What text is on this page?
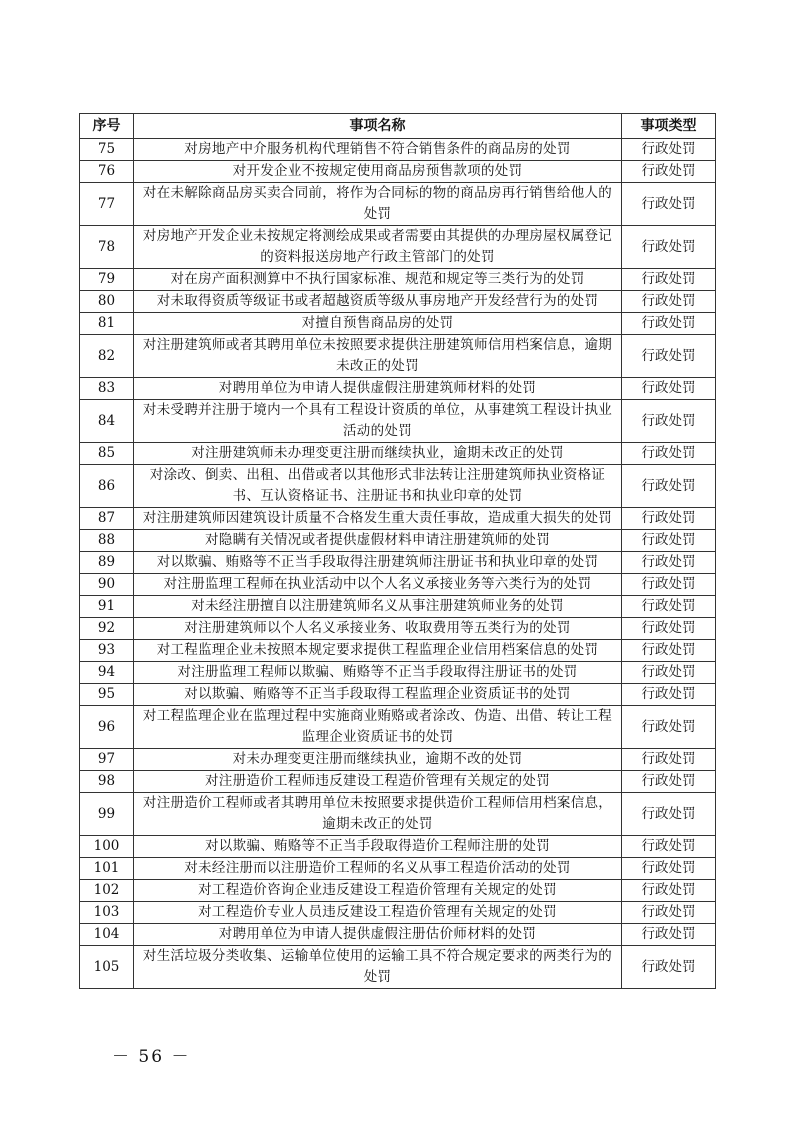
序号	事项名称	事项类型
75	对房地产中介服务机构代理销售不符合销售条件的商品房的处罚	行政处罚
76	对开发企业不按规定使用商品房预售款项的处罚	行政处罚
77	对在未解除商品房买卖合同前，将作为合同标的物的商品房再行销售给他人的处罚	行政处罚
78	对房地产开发企业未按规定将测绘成果或者需要由其提供的办理房屋权属登记的资料报送房地产行政主管部门的处罚	行政处罚
79	对在房产面积测算中不执行国家标准、规范和规定等三类行为的处罚	行政处罚
80	对未取得资质等级证书或者超越资质等级从事房地产开发经营行为的处罚	行政处罚
81	对擅自预售商品房的处罚	行政处罚
82	对注册建筑师或者其聘用单位未按照要求提供注册建筑师信用档案信息，逾期未改正的处罚	行政处罚
83	对聘用单位为申请人提供虚假注册建筑师材料的处罚	行政处罚
84	对未受聘并注册于境内一个具有工程设计资质的单位，从事建筑工程设计执业活动的处罚	行政处罚
85	对注册建筑师未办理变更注册而继续执业，逾期未改正的处罚	行政处罚
86	对涂改、倒卖、出租、出借或者以其他形式非法转让注册建筑师执业资格证书、互认资格证书、注册证书和执业印章的处罚	行政处罚
87	对注册建筑师因建筑设计质量不合格发生重大责任事故，造成重大损失的处罚	行政处罚
88	对隐瞒有关情况或者提供虚假材料申请注册建筑师的处罚	行政处罚
89	对以欺骗、贿赂等不正当手段取得注册建筑师注册证书和执业印章的处罚	行政处罚
90	对注册监理工程师在执业活动中以个人名义承接业务等六类行为的处罚	行政处罚
91	对未经注册擅自以注册建筑师名义从事注册建筑师业务的处罚	行政处罚
92	对注册建筑师以个人名义承接业务、收取费用等五类行为的处罚	行政处罚
93	对工程监理企业未按照本规定要求提供工程监理企业信用档案信息的处罚	行政处罚
94	对注册监理工程师以欺骗、贿赂等不正当手段取得注册证书的处罚	行政处罚
95	对以欺骗、贿赂等不正当手段取得工程监理企业资质证书的处罚	行政处罚
96	对工程监理企业在监理过程中实施商业贿赂或者涂改、伪造、出借、转让工程监理企业资质证书的处罚	行政处罚
97	对未办理变更注册而继续执业，逾期不改的处罚	行政处罚
98	对注册造价工程师违反建设工程造价管理有关规定的处罚	行政处罚
99	对注册造价工程师或者其聘用单位未按照要求提供造价工程师信用档案信息，逾期未改正的处罚	行政处罚
100	对以欺骗、贿赂等不正当手段取得造价工程师注册的处罚	行政处罚
101	对未经注册而以注册造价工程师的名义从事工程造价活动的处罚	行政处罚
102	对工程造价咨询企业违反建设工程造价管理有关规定的处罚	行政处罚
103	对工程造价专业人员违反建设工程造价管理有关规定的处罚	行政处罚
104	对聘用单位为申请人提供虚假注册估价师材料的处罚	行政处罚
105	对生活垃圾分类收集、运输单位使用的运输工具不符合规定要求的两类行为的处罚	行政处罚
－ 56 －
